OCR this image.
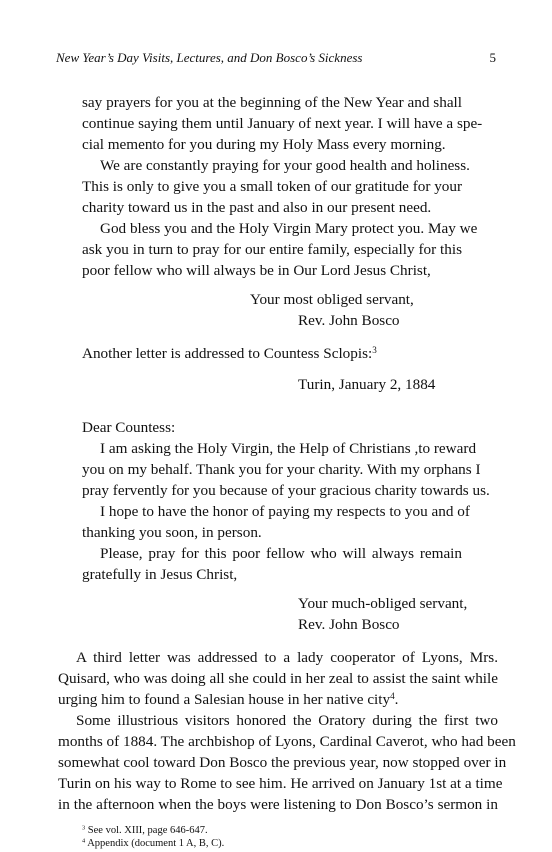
New Year’s Day Visits, Lectures, and Don Bosco’s Sickness	5
say prayers for you at the beginning of the New Year and shall
continue saying them until January of next year. I will have a spe-
cial memento for you during my Holy Mass every morning.
We are constantly praying for your good health and holiness.
This is only to give you a small token of our gratitude for your
charity toward us in the past and also in our present need.
God bless you and the Holy Virgin Mary protect you. May we
ask you in turn to pray for our entire family, especially for this
poor fellow who will always be in Our Lord Jesus Christ,
Your most obliged servant,
Rev. John Bosco
Another letter is addressed to Countess Sclopis:$^3$
Turin, January 2, 1884
Dear Countess:
I am asking the Holy Virgin, the Help of Christians ,to reward
you on my behalf. Thank you for your charity. With my orphans I
pray fervently for you because of your gracious charity towards us.
I hope to have the honor of paying my respects to you and of
thanking you soon, in person.
Please, pray for this poor fellow who will always remain
gratefully in Jesus Christ,
Your much-obliged servant,
Rev. John Bosco
A third letter was addressed to a lady cooperator of Lyons, Mrs.
Quisard, who was doing all she could in her zeal to assist the saint while
urging him to found a Salesian house in her native city$^4$.
Some illustrious visitors honored the Oratory during the first two
months of 1884. The archbishop of Lyons, Cardinal Caverot, who had been
somewhat cool toward Don Bosco the previous year, now stopped over in
Turin on his way to Rome to see him. He arrived on January 1st at a time
in the afternoon when the boys were listening to Don Bosco’s sermon in
$^3$ See vol. XIII, page 646-647.
$^4$ Appendix (document 1 A, B, C).
